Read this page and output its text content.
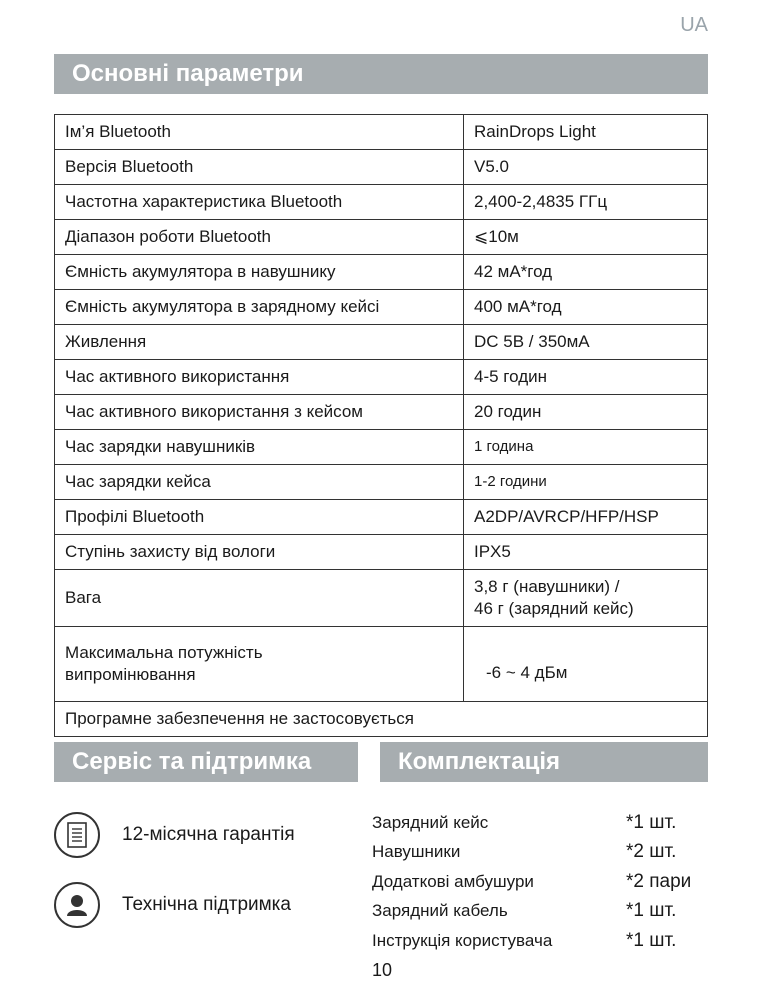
UA
Основні параметри
Ім’я Bluetooth	RainDrops Light
Версія Bluetooth	V5.0
Частотна характеристика Bluetooth	2,400-2,4835 ГГц
Діапазон роботи Bluetooth	⩽10м
Ємність акумулятора в навушнику	42 мА*год
Ємність акумулятора в зарядному кейсі	400 мА*год
Живлення	DC 5В / 350мА
Час активного використання	4-5 годин
Час активного використання з кейсом	20 годин
Час зарядки навушників	1 година
Час зарядки кейса	1-2 години
Профілі Bluetooth	A2DP/AVRCP/HFP/HSP
Ступінь захисту від вологи	IPX5
Вага	3,8 г (навушники) /
46 г (зарядний кейс)

Максимальна потужність
випромінювання	-6 ~ 4 дБм
Програмне забезпечення не застосовується	
Сервіс та підтримка	Комплектація
12-місячна гарантія
Технічна підтримка
Зарядний кейс	*1 шт.
Навушники	*2 шт.
Додаткові амбушури	*2 пари
Зарядний кабель	*1 шт.
Інструкція користувача	*1 шт.
10
